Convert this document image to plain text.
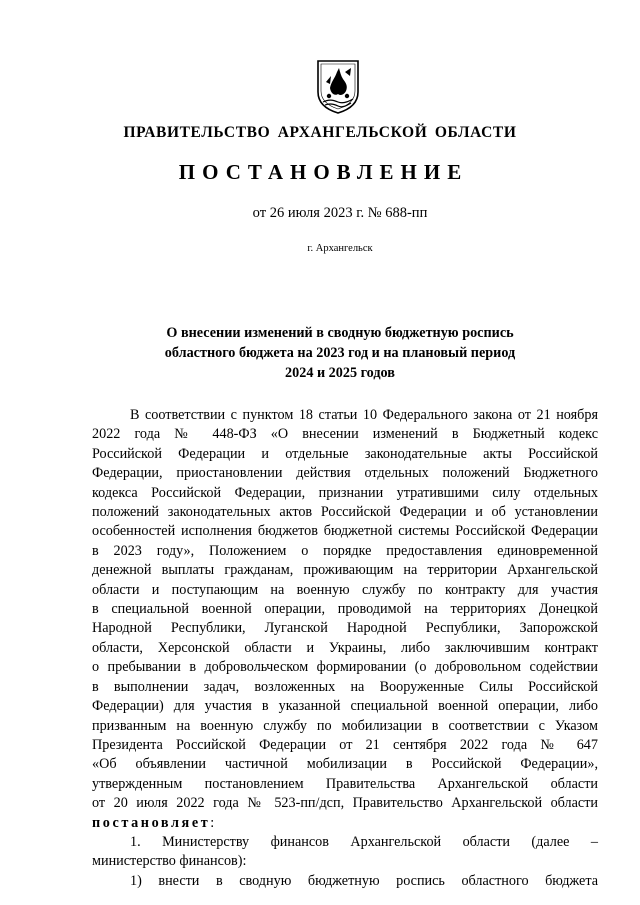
ПРАВИТЕЛЬСТВО АРХАНГЕЛЬСКОЙ ОБЛАСТИ
ПОСТАНОВЛЕНИЕ
от 26 июля 2023 г. № 688-пп
г. Архангельск
О внесении изменений в сводную бюджетную роспись
областного бюджета на 2023 год и на плановый период
2024 и 2025 годов
В соответствии с пунктом 18 статьи 10 Федерального закона от 21 ноября
2022 года № 448-ФЗ «О внесении изменений в Бюджетный кодекс
Российской Федерации и отдельные законодательные акты Российской
Федерации, приостановлении действия отдельных положений Бюджетного
кодекса Российской Федерации, признании утратившими силу отдельных
положений законодательных актов Российской Федерации и об установлении
особенностей исполнения бюджетов бюджетной системы Российской Федерации
в 2023 году», Положением о порядке предоставления единовременной
денежной выплаты гражданам, проживающим на территории Архангельской
области и поступающим на военную службу по контракту для участия
в специальной военной операции, проводимой на территориях Донецкой
Народной Республики, Луганской Народной Республики, Запорожской
области, Херсонской области и Украины, либо заключившим контракт
о пребывании в добровольческом формировании (о добровольном содействии
в выполнении задач, возложенных на Вооруженные Силы Российской
Федерации) для участия в указанной специальной военной операции, либо
призванным на военную службу по мобилизации в соответствии с Указом
Президента Российской Федерации от 21 сентября 2022 года № 647
«Об объявлении частичной мобилизации в Российской Федерации»,
утвержденным постановлением Правительства Архангельской области
от 20 июля 2022 года № 523-пп/дсп, Правительство Архангельской области
постановляет:
1. Министерству финансов Архангельской области (далее –
министерство финансов):
1) внести в сводную бюджетную роспись областного бюджета
